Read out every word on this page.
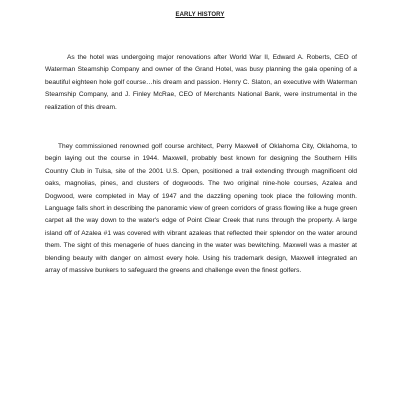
EARLY HISTORY

As the hotel was undergoing major renovations after World War II, Edward A. Roberts, CEO of Waterman Steamship Company and owner of the Grand Hotel, was busy planning the gala opening of a beautiful eighteen hole golf course…his dream and passion. Henry C. Slaton, an executive with Waterman Steamship Company, and J. Finley McRae, CEO of Merchants National Bank, were instrumental in the realization of this dream.

They commissioned renowned golf course architect, Perry Maxwell of Oklahoma City, Oklahoma, to begin laying out the course in 1944. Maxwell, probably best known for designing the Southern Hills Country Club in Tulsa, site of the 2001 U.S. Open, positioned a trail extending through magnificent old oaks, magnolias, pines, and clusters of dogwoods. The two original nine-hole courses, Azalea and Dogwood, were completed in May of 1947 and the dazzling opening took place the following month. Language falls short in describing the panoramic view of green corridors of grass flowing like a huge green carpet all the way down to the water's edge of Point Clear Creek that runs through the property. A large island off of Azalea #1 was covered with vibrant azaleas that reflected their splendor on the water around them. The sight of this menagerie of hues dancing in the water was bewitching. Maxwell was a master at blending beauty with danger on almost every hole. Using his trademark design, Maxwell integrated an array of massive bunkers to safeguard the greens and challenge even the finest golfers.
